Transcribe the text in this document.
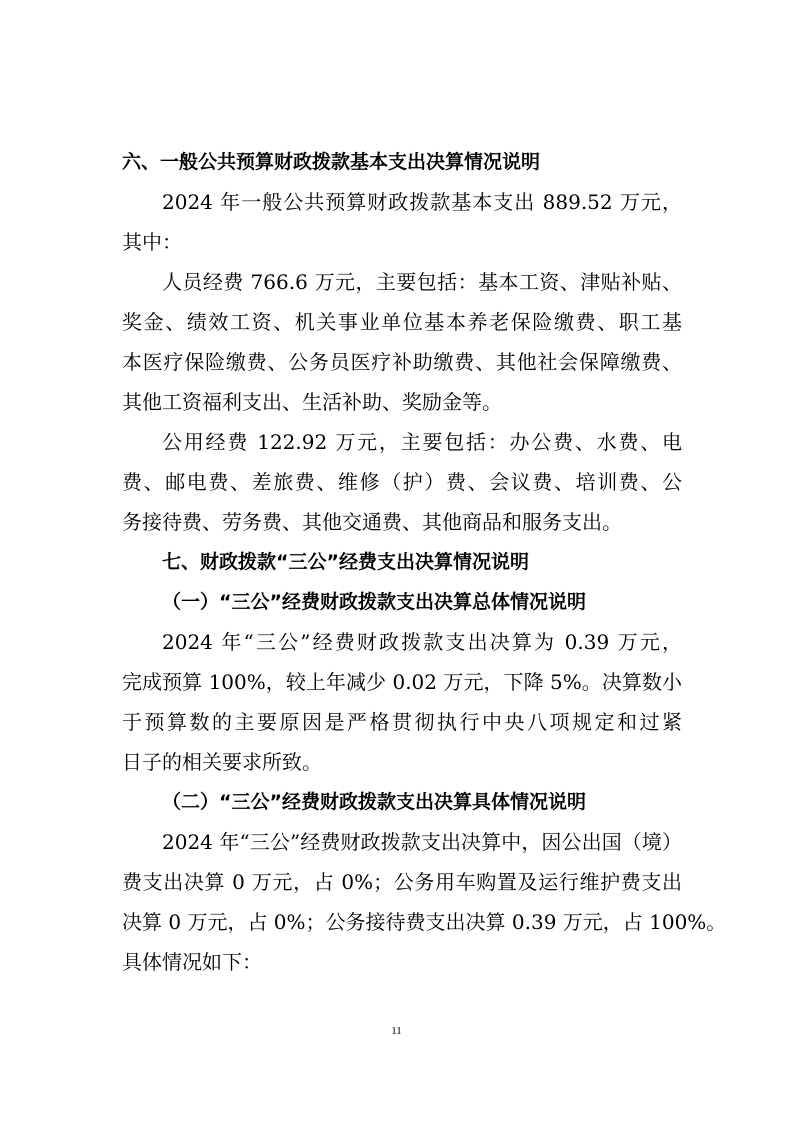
六、一般公共预算财政拨款基本支出决算情况说明
2024 年一般公共预算财政拨款基本支出 889.52 万元，
其中：
人员经费 766.6 万元，主要包括：基本工资、津贴补贴、
奖金、绩效工资、机关事业单位基本养老保险缴费、职工基
本医疗保险缴费、公务员医疗补助缴费、其他社会保障缴费、
其他工资福利支出、生活补助、奖励金等。
公用经费 122.92 万元，主要包括：办公费、水费、电
费、邮电费、差旅费、维修（护）费、会议费、培训费、公
务接待费、劳务费、其他交通费、其他商品和服务支出。
七、财政拨款“三公”经费支出决算情况说明
（一）“三公”经费财政拨款支出决算总体情况说明
2024 年“三公”经费财政拨款支出决算为 0.39 万元，
完成预算 100%，较上年减少 0.02 万元，下降 5%。决算数小
于预算数的主要原因是严格贯彻执行中央八项规定和过紧
日子的相关要求所致。
（二）“三公”经费财政拨款支出决算具体情况说明
2024 年“三公”经费财政拨款支出决算中，因公出国（境）
费支出决算 0 万元，占 0%；公务用车购置及运行维护费支出
决算 0 万元，占 0%；公务接待费支出决算 0.39 万元，占 100%。
具体情况如下：
11
